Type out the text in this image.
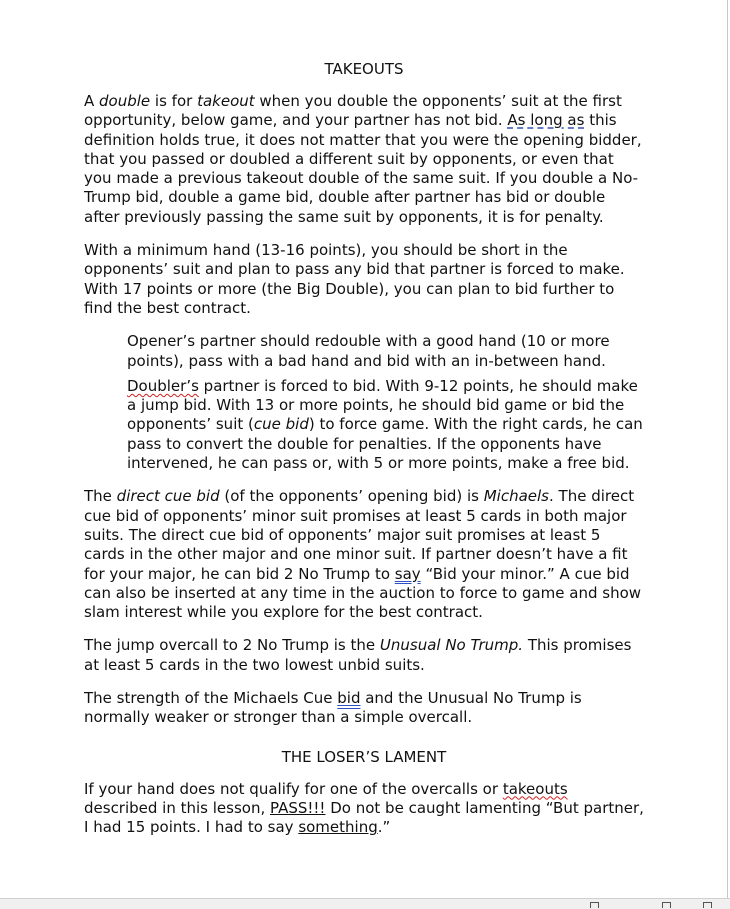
TAKEOUTS

A double is for takeout when you double the opponents’ suit at the first opportunity, below game, and your partner has not bid. As long as this definition holds true, it does not matter that you were the opening bidder, that you passed or doubled a different suit by opponents, or even that you made a previous takeout double of the same suit. If you double a No-Trump bid, double a game bid, double after partner has bid or double after previously passing the same suit by opponents, it is for penalty.

With a minimum hand (13-16 points), you should be short in the opponents’ suit and plan to pass any bid that partner is forced to make. With 17 points or more (the Big Double), you can plan to bid further to find the best contract.

Opener’s partner should redouble with a good hand (10 or more points), pass with a bad hand and bid with an in-between hand.

Doubler’s partner is forced to bid. With 9-12 points, he should make a jump bid. With 13 or more points, he should bid game or bid the opponents’ suit (cue bid) to force game. With the right cards, he can pass to convert the double for penalties. If the opponents have intervened, he can pass or, with 5 or more points, make a free bid.

The direct cue bid (of the opponents’ opening bid) is Michaels. The direct cue bid of opponents’ minor suit promises at least 5 cards in both major suits. The direct cue bid of opponents’ major suit promises at least 5 cards in the other major and one minor suit. If partner doesn’t have a fit for your major, he can bid 2 No Trump to say “Bid your minor.” A cue bid can also be inserted at any time in the auction to force to game and show slam interest while you explore for the best contract.

The jump overcall to 2 No Trump is the Unusual No Trump. This promises at least 5 cards in the two lowest unbid suits.

The strength of the Michaels Cue bid and the Unusual No Trump is normally weaker or stronger than a simple overcall.

THE LOSER’S LAMENT

If your hand does not qualify for one of the overcalls or takeouts described in this lesson, PASS!!! Do not be caught lamenting “But partner, I had 15 points. I had to say something.”
